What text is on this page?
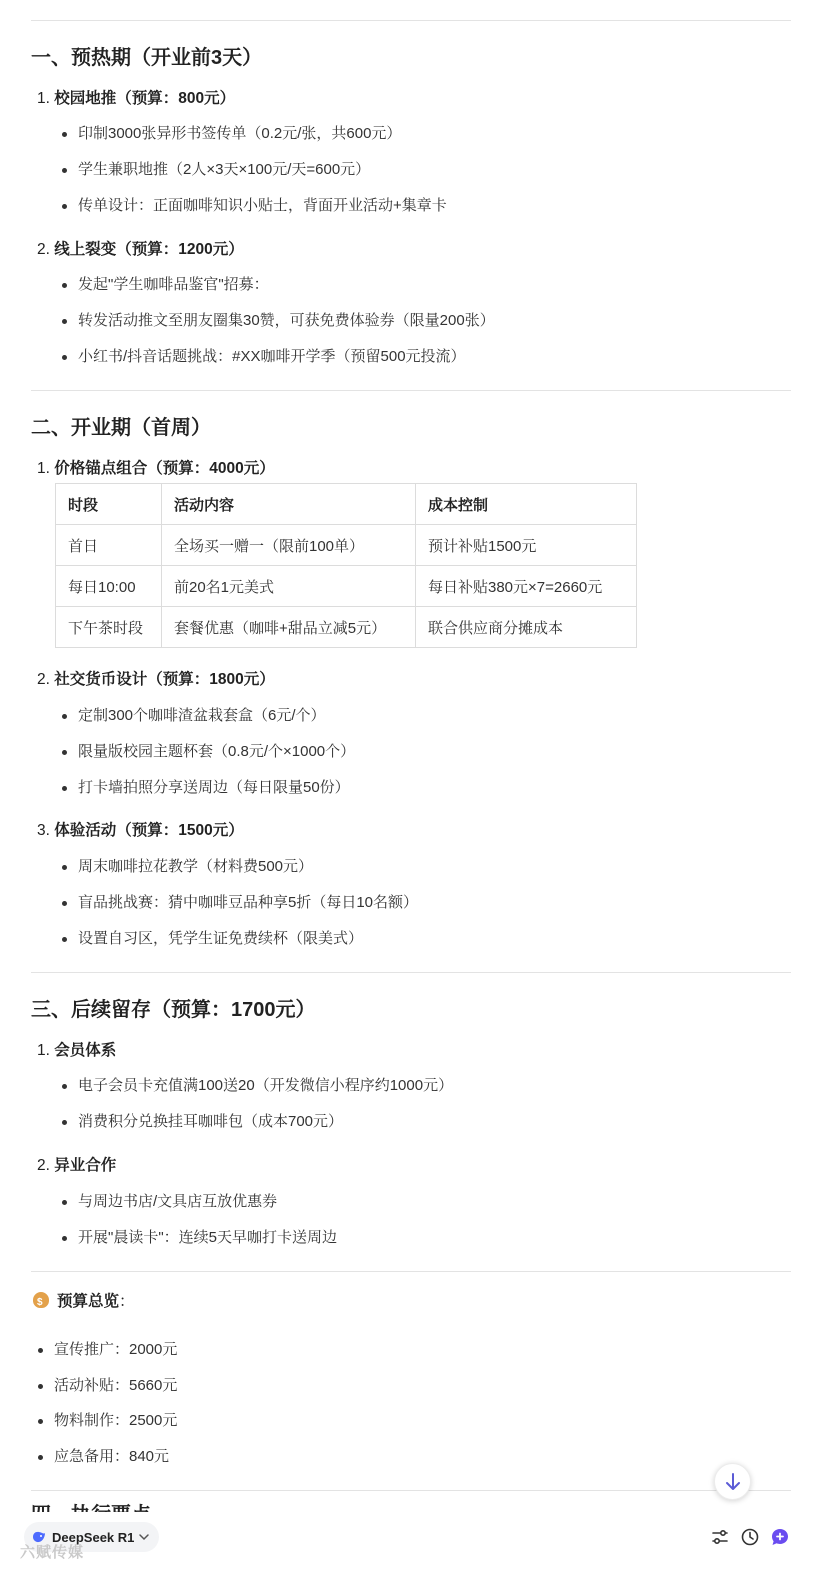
一、预热期（开业前3天）
1. 校园地推（预算：800元）
印制3000张异形书签传单（0.2元/张，共600元）
学生兼职地推（2人×3天×100元/天=600元）
传单设计：正面咖啡知识小贴士，背面开业活动+集章卡
2. 线上裂变（预算：1200元）
发起"学生咖啡品鉴官"招募：
转发活动推文至朋友圈集30赞，可获免费体验券（限量200张）
小红书/抖音话题挑战：#XX咖啡开学季（预留500元投流）
二、开业期（首周）
1. 价格锚点组合（预算：4000元）
时段	活动内容	成本控制
首日	全场买一赠一（限前100单）	预计补贴1500元
每日10:00	前20名1元美式	每日补贴380元×7=2660元
下午茶时段	套餐优惠（咖啡+甜品立减5元）	联合供应商分摊成本
2. 社交货币设计（预算：1800元）
定制300个咖啡渣盆栽套盒（6元/个）
限量版校园主题杯套（0.8元/个×1000个）
打卡墙拍照分享送周边（每日限量50份）
3. 体验活动（预算：1500元）
周末咖啡拉花教学（材料费500元）
盲品挑战赛：猜中咖啡豆品种享5折（每日10名额）
设置自习区，凭学生证免费续杯（限美式）
三、后续留存（预算：1700元）
1. 会员体系
电子会员卡充值满100送20（开发微信小程序约1000元）
消费积分兑换挂耳咖啡包（成本700元）
2. 异业合作
与周边书店/文具店互放优惠券
开展"晨读卡"：连续5天早咖打卡送周边
$预算总览：
宣传推广：2000元
活动补贴：5660元
物料制作：2500元
应急备用：840元
DeepSeek R1
六赋传媒
